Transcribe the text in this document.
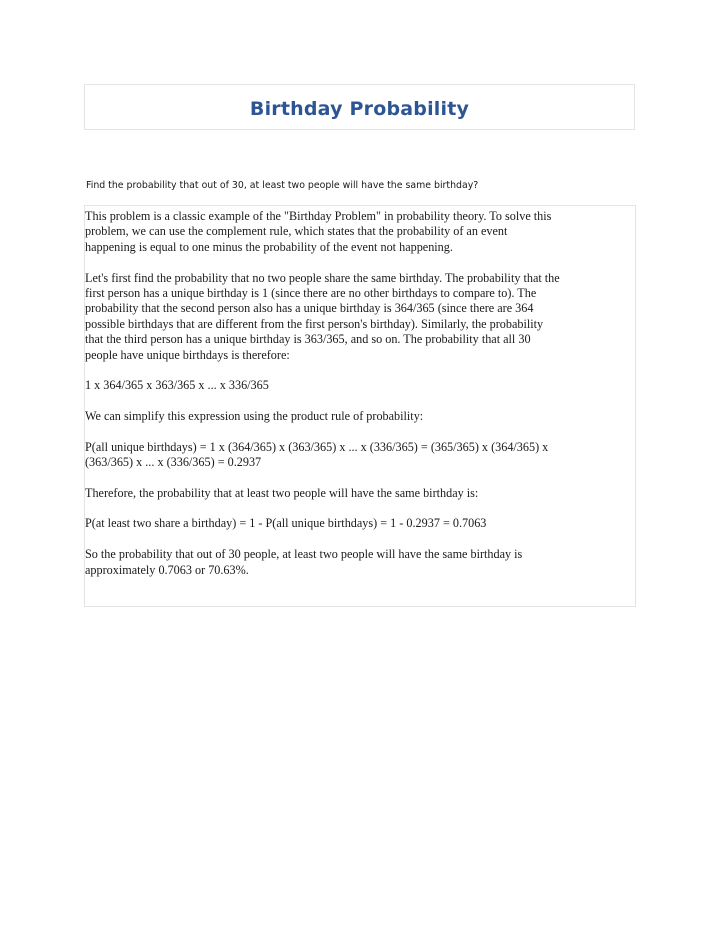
Birthday Probability
Find the probability that out of 30, at least two people will have the same birthday?

This problem is a classic example of the "Birthday Problem" in probability theory. To solve this
problem, we can use the complement rule, which states that the probability of an event
happening is equal to one minus the probability of the event not happening.

Let's first find the probability that no two people share the same birthday. The probability that the
first person has a unique birthday is 1 (since there are no other birthdays to compare to). The
probability that the second person also has a unique birthday is 364/365 (since there are 364
possible birthdays that are different from the first person's birthday). Similarly, the probability
that the third person has a unique birthday is 363/365, and so on. The probability that all 30
people have unique birthdays is therefore:

1 x 364/365 x 363/365 x ... x 336/365

We can simplify this expression using the product rule of probability:

P(all unique birthdays) = 1 x (364/365) x (363/365) x ... x (336/365) = (365/365) x (364/365) x
(363/365) x ... x (336/365) = 0.2937

Therefore, the probability that at least two people will have the same birthday is:

P(at least two share a birthday) = 1 - P(all unique birthdays) = 1 - 0.2937 = 0.7063

So the probability that out of 30 people, at least two people will have the same birthday is
approximately 0.7063 or 70.63%.
